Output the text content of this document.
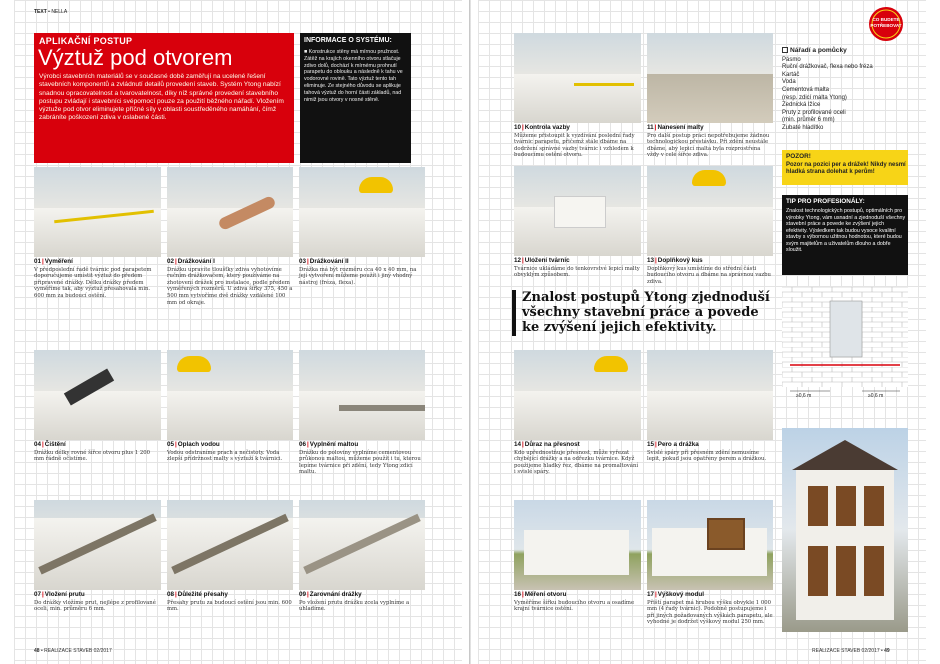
TEXT • NELLA
APLIKAČNÍ POSTUP
Výztuž pod otvorem
Výrobci stavebních materiálů se v současné době zaměřují na ucelené řešení stavebních komponentů a zvládnutí detailů provedení staveb. Systém Ytong nabízí snadnou opracovatelnost a tvarovatelnost, díky níž správné provedení stavebního postupu zvládají i stavebníci svépomocí pouze za použití běžného nářadí. Vložením výztuže pod otvor eliminujete příčné síly v oblasti soustředěného namáhání, čímž zabráníte poškození zdiva v oslabené části.
INFORMACE O SYSTÉMU:
■ Konstrukce stěny má mírnou pružnost. Zátěž na krajích okenního otvoru stlačuje zdivo dolů, dochází k mírnému prohnutí parapetu do oblouku a následně k tahu ve vodorovné rovině. Tato výztuž tento tah eliminuje. Ze stejného důvodu se aplikuje tahová výztuž do horní části základů, nad nimiž jsou otvory v nosné stěně.
01|Vyměření
V předposlední řadě tvárnic pod parapetem doporučujeme umístit výztuž do předem připravené drážky. Délku drážky předem vyměříme tak, aby výztuž přesahovala min. 600 mm za budoucí ostění.
02|Drážkování I
Drážku upravíte tloušťky zdiva vyhotovíme ručním drážkovačem, který používáme na zhotovení drážek pro instalace, podle předem vyměřených rozměrů. U zdiva šířky 375, 450 a 500 mm vytvoříme dvě drážky vzdálené 100 mm od okraje.
03|Drážkování II
Drážka má být rozměru cca 40 x 40 mm, na její vytvoření můžeme použít i jiný vhodný nástroj (fréza, flexa).
04|Čištění
Drážku délky rovné šířce otvoru plus 1 200 mm řádně očistíme.
05|Oplach vodou
Vodou odstraníme prach a nečistoty. Voda zlepší přídržnost malty s výztuží k tvárnici.
06|Vyplnění maltou
Drážku do poloviny vyplníme cementovou průkonou maltou, můžeme použít i tu, kterou lepíme tvárnice při zdění, tedy Ytong zdicí maltu.
07|Vložení prutu
Do drážky vložíme prut, nejlépe z profilované oceli, min. průměru 6 mm.
08|Důležité přesahy
Přesahy prutu za budoucí ostění jsou min. 600 mm.
09|Zarovnání drážky
Po vložení prutu drážku zcela vyplníme a uhladíme.
10|Kontrola vazby
Můžeme přistoupit k vyzdívání poslední řady tvárnic parapetu, přičemž stále dbáme na dodržení správné vazby tvárnic i vzhledem k budoucímu ostění otvoru.
11|Nanesení malty
Pro další postup práci nepotřebujeme žádnou technologickou přestávku. Při zdění neustále dbáme, aby lepicí malta byla rozprostřena vždy v celé šířce zdiva.
12|Uložení tvárnic
Tvárnice ukládáme do tenkovrstvé lepicí malty obvyklým způsobem.
13|Doplňkový kus
Doplňkový kus umístíme do střední části budoucího otvoru a dbáme na správnou vazbu zdiva.
Znalost postupů Ytong zjednoduší všechny stavební práce a povede ke zvýšení jejich efektivity.
14|Důraz na přesnost
Kdo upřednostňuje přesnost, může vyřezat chybějící drážky a na odřezku tvárnice. Když použijeme hladký řez, dbáme na promaltování i svislé spáry.
15|Pero a drážka
Svislé spáry při přesném zdění nemusíme lepit, pokud jsou opatřeny perem a drážkou.
16|Měření otvoru
Vyměříme šířku budoucího otvoru a osadíme krajní tvárnice ostění.
17|Výškový modul
Přiští parapet má hrubou výšku obvykle 1 000 mm (4 řady tvárnic). Podobně postupujeme i při jiných požadovaných výškách parapetu, ale vyhodné je dodržet výškový modul 250 mm.
CO BUDETE
POTŘEBOVAT
Nářadí a pomůcky
Pásmo
Ruční drážkovač, flexa nebo fréza
Kartáč
Voda
Cementová malta
(resp. zdicí malta Ytong)
Zednická lžíce
Pruty z profilované oceli
(min. průměr 6 mm)
Zubaté hladítko
POZOR!
Pozor na pozici per a drážek! Nikdy nesmí hladká strana dolehat k perům!
TIP PRO PROFESIONÁLY:
Znalost technologických postupů, optimálních pro výrobky Ytong, vám usnadní a zjednoduší všechny stavební práce a povede ke zvýšení jejich efektivity. Výsledkem tak budou vysoce kvalitní stavby s výbornou užitnou hodnotou, které budou svým majitelům a uživatelům dlouho a dobře sloužit.
≥0,6 m	≥0,6 m
48 • REALIZACE STAVEB 02/2017	REALIZACE STAVEB 02/2017 • 49
